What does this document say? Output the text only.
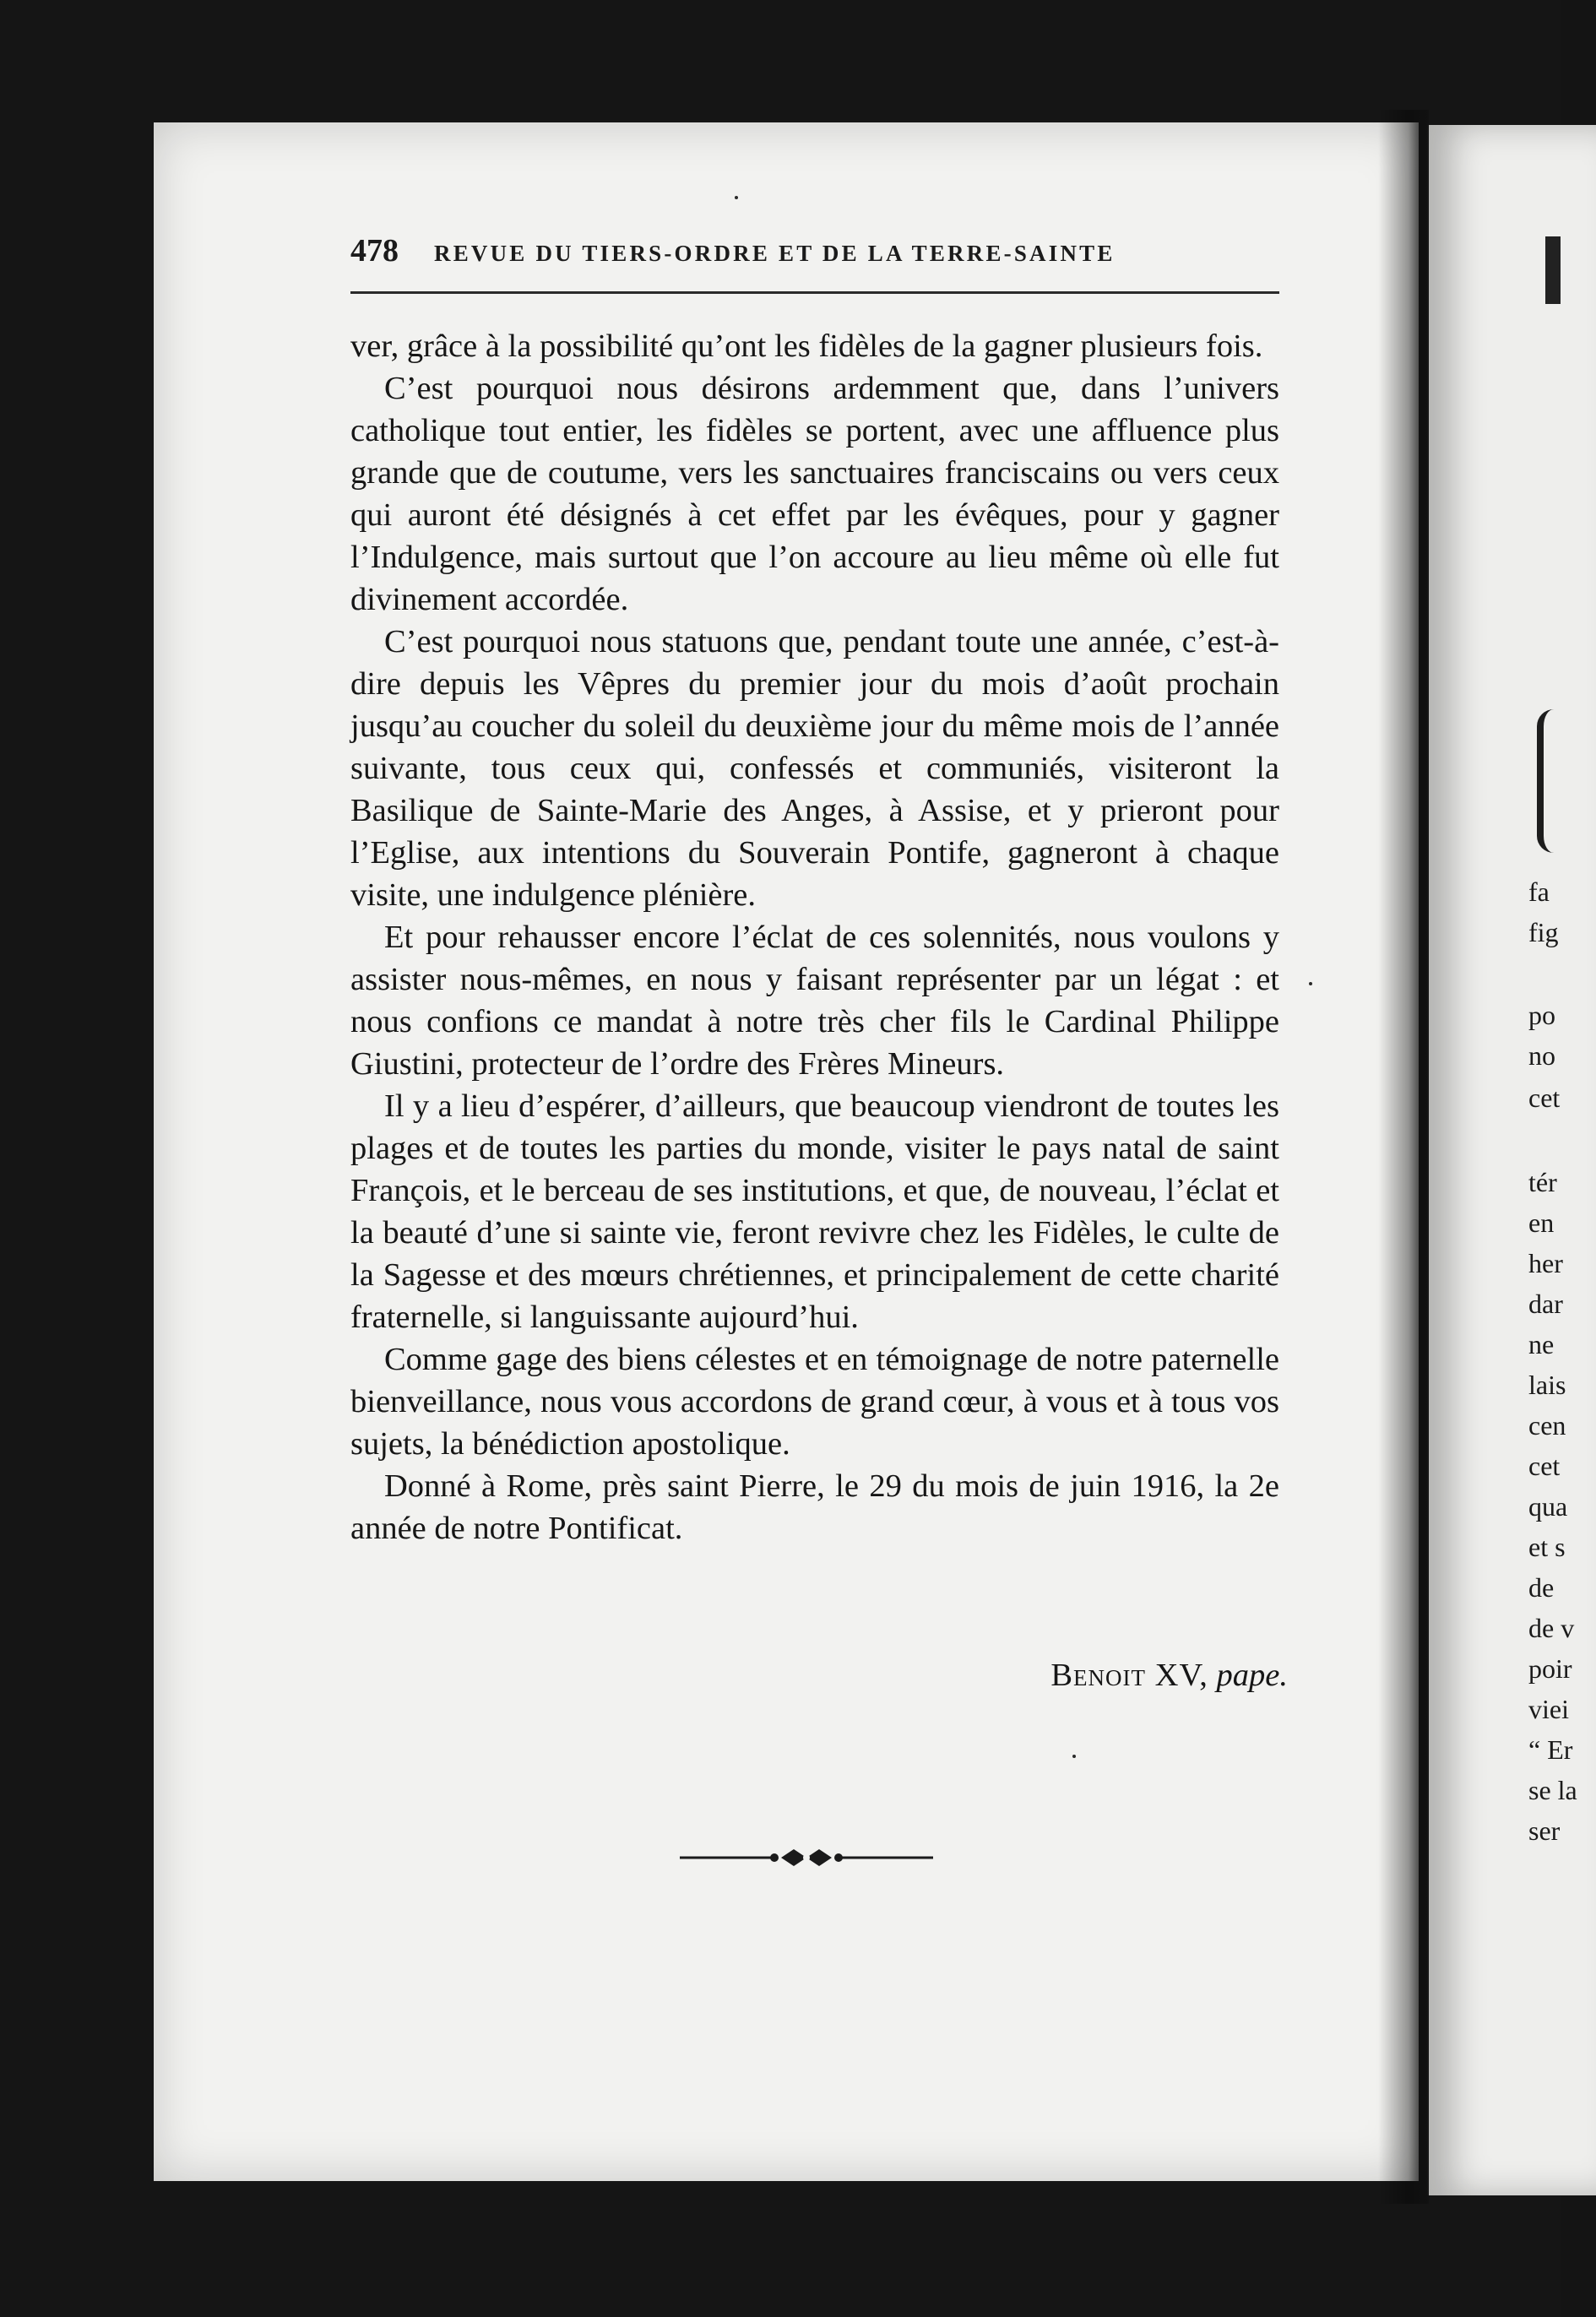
fa
fig
po
no
cet
tér
en
her
dar
ne
lais
cen
cet
qua
et s
de
de v
poir
viei
“ Er
se la
ser
478 REVUE DU TIERS-ORDRE ET DE LA TERRE-SAINTE

ver, grâce à la possibilité qu’ont les fidèles de la gagner plusieurs fois.

C’est pourquoi nous désirons ardemment que, dans l’univers catholique tout entier, les fidèles se portent, avec une affluence plus grande que de coutume, vers les sanctuaires franciscains ou vers ceux qui auront été désignés à cet effet par les évêques, pour y gagner l’Indulgence, mais surtout que l’on accoure au lieu même où elle fut divinement accordée.

C’est pourquoi nous statuons que, pendant toute une année, c’est-à-dire depuis les Vêpres du premier jour du mois d’août prochain jusqu’au coucher du soleil du deuxième jour du même mois de l’année suivante, tous ceux qui, confessés et communiés, visiteront la Basilique de Sainte-Marie des Anges, à Assise, et y prieront pour l’Eglise, aux intentions du Souverain Pontife, gagneront à chaque visite, une indulgence plénière.

Et pour rehausser encore l’éclat de ces solennités, nous voulons y assister nous-mêmes, en nous y faisant représenter par un légat : et nous confions ce mandat à notre très cher fils le Cardinal Philippe Giustini, protecteur de l’ordre des Frères Mineurs.

Il y a lieu d’espérer, d’ailleurs, que beaucoup viendront de toutes les plages et de toutes les parties du monde, visiter le pays natal de saint François, et le berceau de ses institutions, et que, de nouveau, l’éclat et la beauté d’une si sainte vie, feront revivre chez les Fidèles, le culte de la Sagesse et des mœurs chrétiennes, et principalement de cette charité fraternelle, si languissante aujourd’hui.

Comme gage des biens célestes et en témoignage de notre paternelle bienveillance, nous vous accordons de grand cœur, à vous et à tous vos sujets, la bénédiction apostolique.

Donné à Rome, près saint Pierre, le 29 du mois de juin 1916, la 2e année de notre Pontificat.

Benoit XV, pape.
